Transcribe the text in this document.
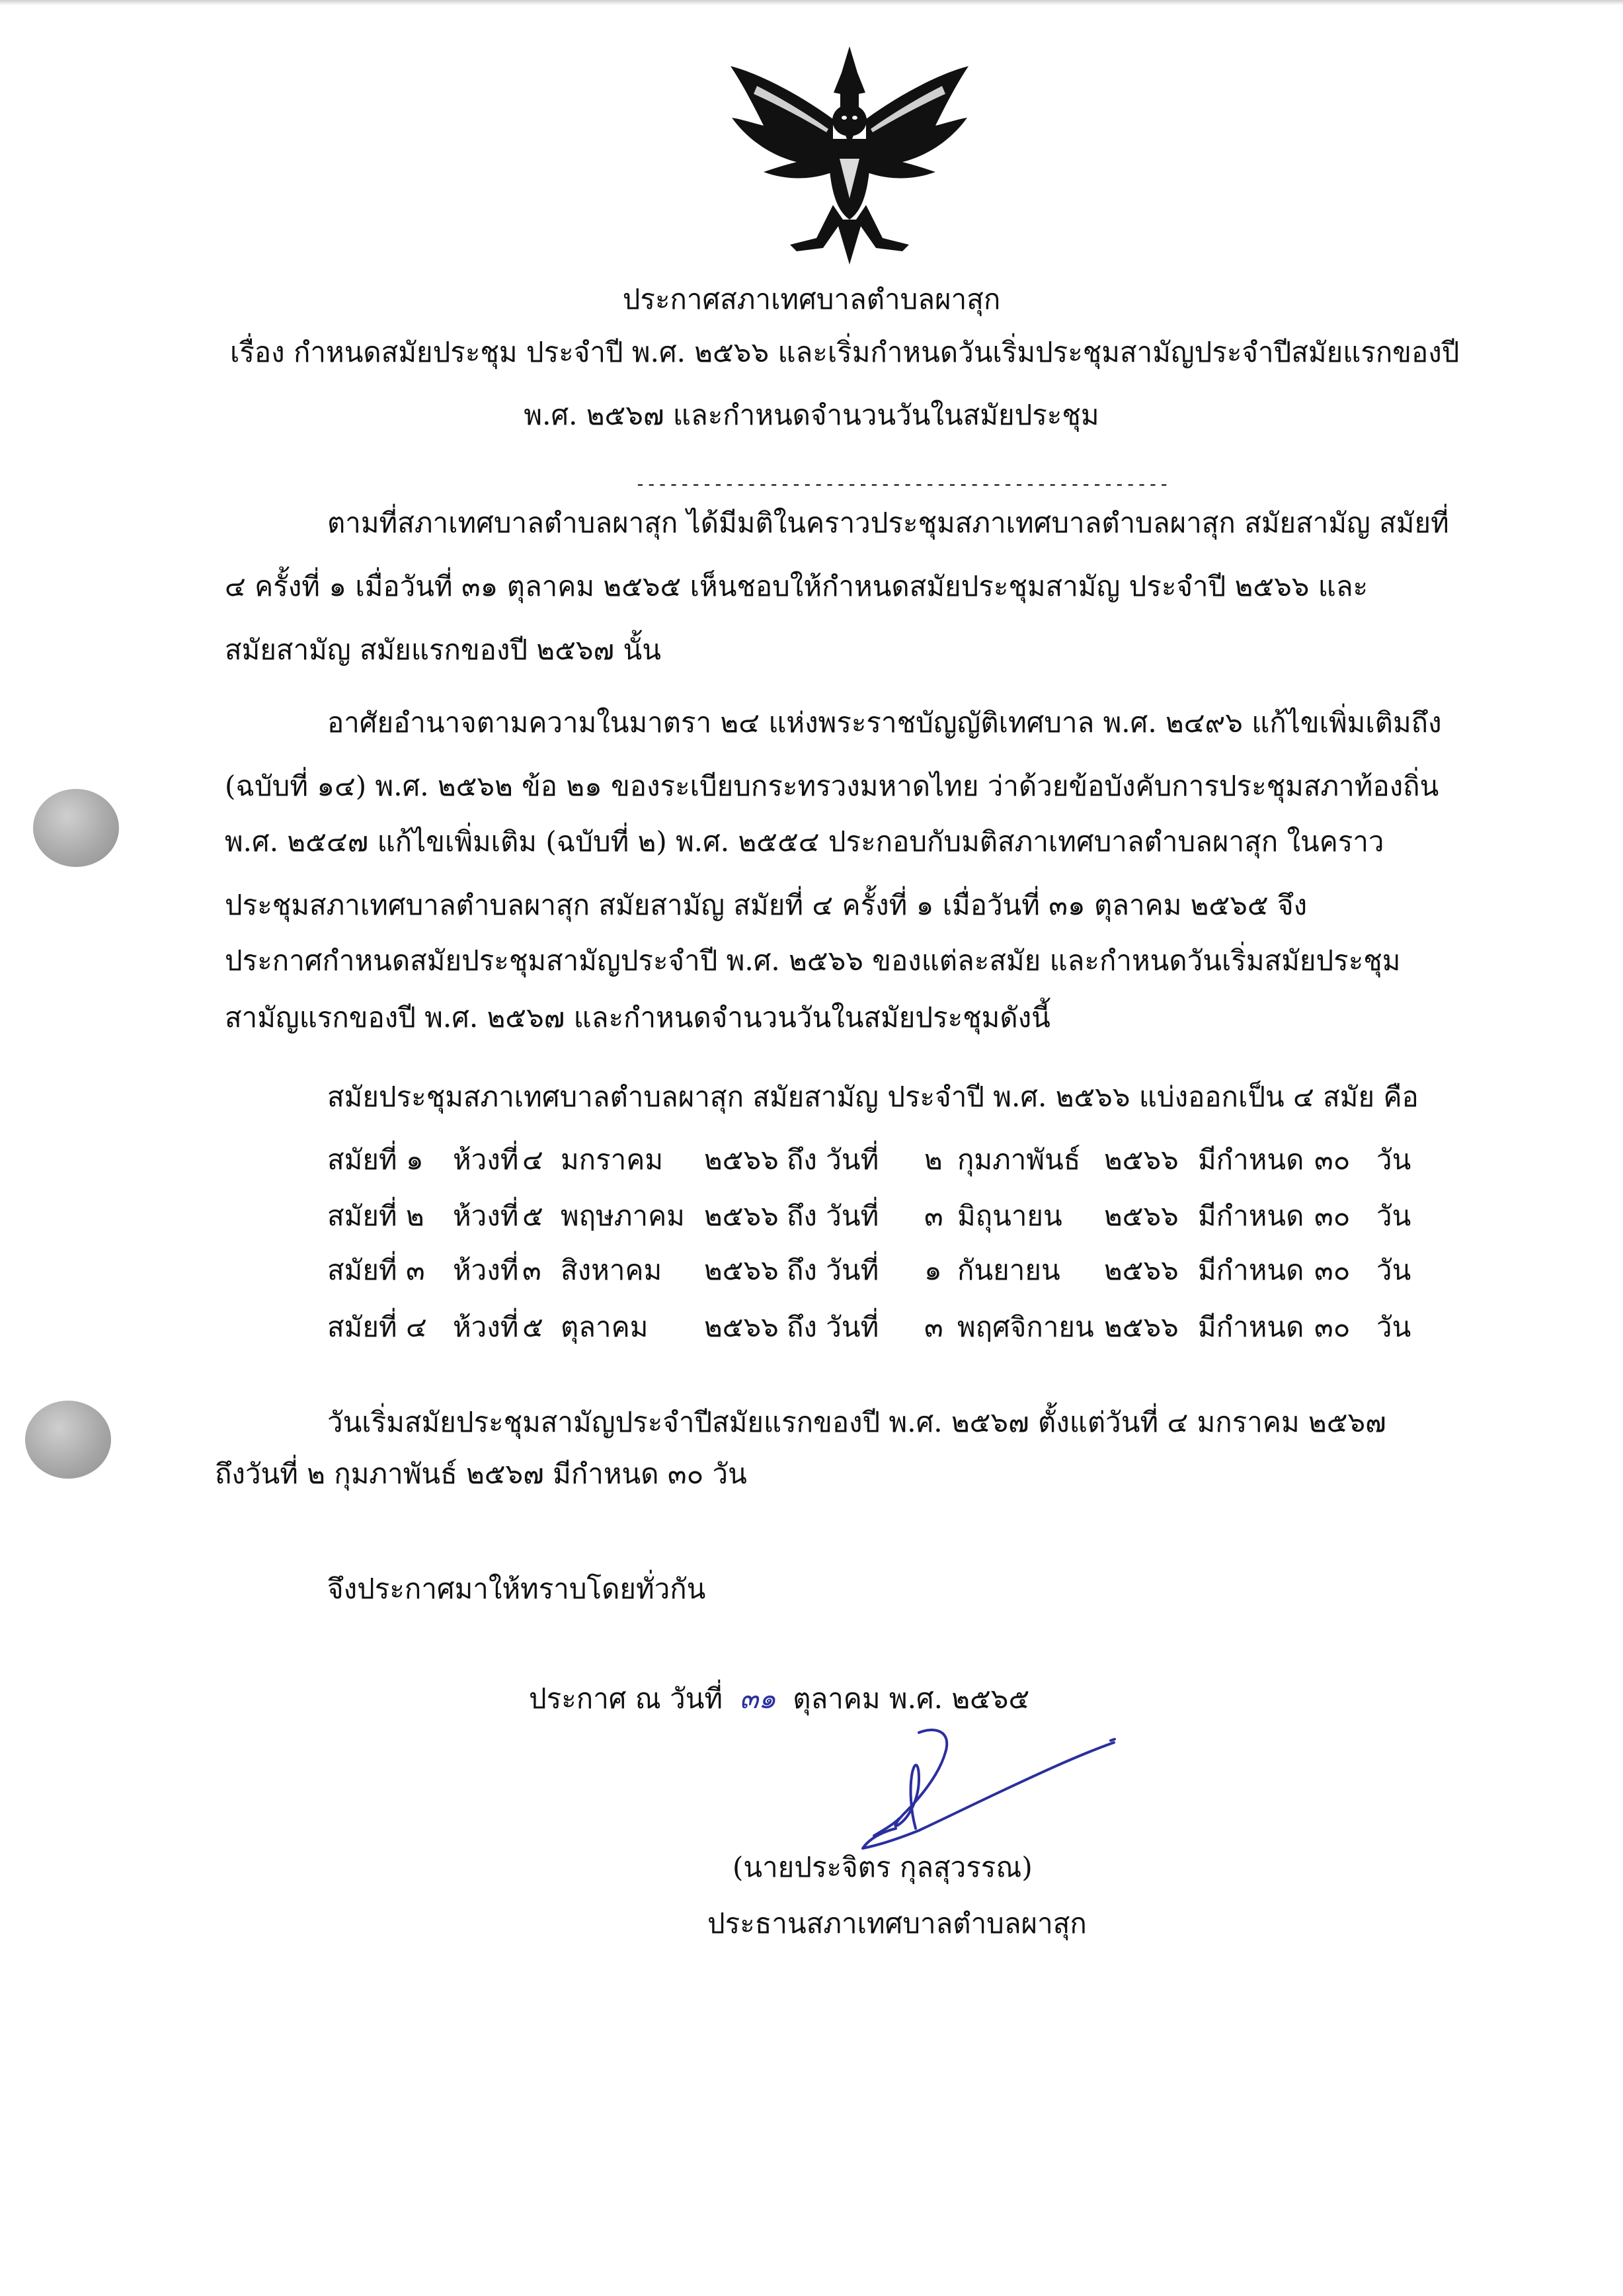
ประกาศสภาเทศบาลตำบลผาสุก
เรื่อง กำหนดสมัยประชุม ประจำปี พ.ศ. ๒๕๖๖ และเริ่มกำหนดวันเริ่มประชุมสามัญประจำปีสมัยแรกของปี
พ.ศ. ๒๕๖๗ และกำหนดจำนวนวันในสมัยประชุม
------------------------------------------------
ตามที่สภาเทศบาลตำบลผาสุก ได้มีมติในคราวประชุมสภาเทศบาลตำบลผาสุก สมัยสามัญ สมัยที่
๔ ครั้งที่ ๑ เมื่อวันที่ ๓๑ ตุลาคม ๒๕๖๕ เห็นชอบให้กำหนดสมัยประชุมสามัญ ประจำปี ๒๕๖๖ และ
สมัยสามัญ สมัยแรกของปี ๒๕๖๗ นั้น
อาศัยอำนาจตามความในมาตรา ๒๔ แห่งพระราชบัญญัติเทศบาล พ.ศ. ๒๔๙๖ แก้ไขเพิ่มเติมถึง
(ฉบับที่ ๑๔) พ.ศ. ๒๕๖๒ ข้อ ๒๑ ของระเบียบกระทรวงมหาดไทย ว่าด้วยข้อบังคับการประชุมสภาท้องถิ่น
พ.ศ. ๒๕๔๗ แก้ไขเพิ่มเติม (ฉบับที่ ๒) พ.ศ. ๒๕๕๔ ประกอบกับมติสภาเทศบาลตำบลผาสุก ในคราว
ประชุมสภาเทศบาลตำบลผาสุก สมัยสามัญ สมัยที่ ๔ ครั้งที่ ๑ เมื่อวันที่ ๓๑ ตุลาคม ๒๕๖๕ จึง
ประกาศกำหนดสมัยประชุมสามัญประจำปี พ.ศ. ๒๕๖๖ ของแต่ละสมัย และกำหนดวันเริ่มสมัยประชุม
สามัญแรกของปี พ.ศ. ๒๕๖๗ และกำหนดจำนวนวันในสมัยประชุมดังนี้
สมัยประชุมสภาเทศบาลตำบลผาสุก สมัยสามัญ ประจำปี พ.ศ. ๒๕๖๖ แบ่งออกเป็น ๔ สมัย คือ
สมัยที่ ๑ ห้วงที่ ๔ มกราคม ๒๕๖๖ ถึง วันที่ ๒ กุมภาพันธ์ ๒๕๖๖ มีกำหนด ๓๐ วัน
สมัยที่ ๒ ห้วงที่ ๕ พฤษภาคม ๒๕๖๖ ถึง วันที่ ๓ มิถุนายน ๒๕๖๖ มีกำหนด ๓๐ วัน
สมัยที่ ๓ ห้วงที่ ๓ สิงหาคม ๒๕๖๖ ถึง วันที่ ๑ กันยายน ๒๕๖๖ มีกำหนด ๓๐ วัน
สมัยที่ ๔ ห้วงที่ ๕ ตุลาคม ๒๕๖๖ ถึง วันที่ ๓ พฤศจิกายน ๒๕๖๖ มีกำหนด ๓๐ วัน
วันเริ่มสมัยประชุมสามัญประจำปีสมัยแรกของปี พ.ศ. ๒๕๖๗ ตั้งแต่วันที่ ๔ มกราคม ๒๕๖๗
ถึงวันที่ ๒ กุมภาพันธ์ ๒๕๖๗ มีกำหนด ๓๐ วัน
จึงประกาศมาให้ทราบโดยทั่วกัน
ประกาศ ณ วันที่ ๓๑ ตุลาคม พ.ศ. ๒๕๖๕
(นายประจิตร กุลสุวรรณ)
ประธานสภาเทศบาลตำบลผาสุก
